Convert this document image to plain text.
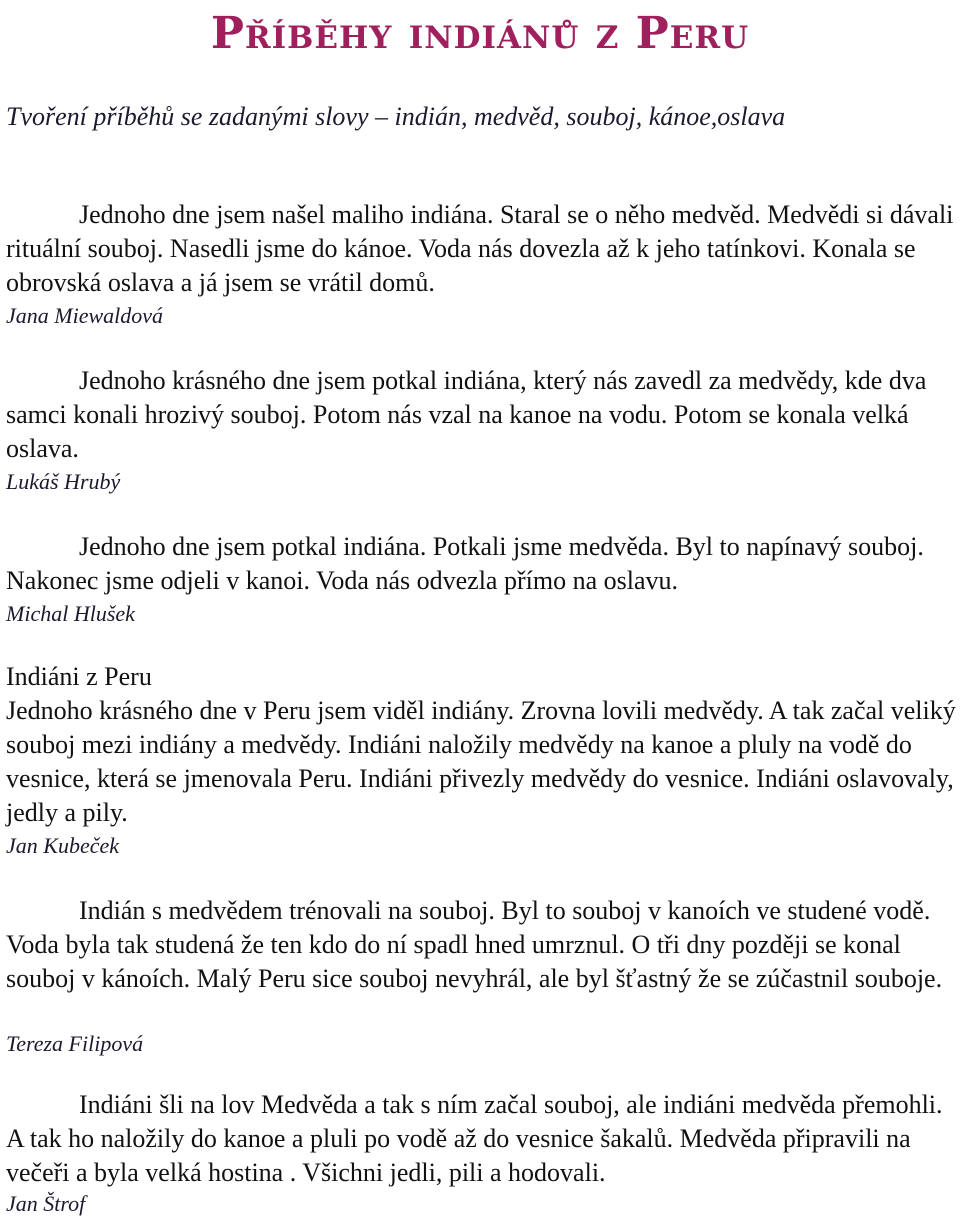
Příběhy indiánů z Peru

Tvoření příběhů se zadanými slovy – indián, medvěd, souboj, kánoe,oslava

Jednoho dne jsem našel maliho indiána. Staral se o něho medvěd. Medvědi si dávali rituální souboj. Nasedli jsme do kánoe. Voda nás dovezla až k jeho tatínkovi. Konala se obrovská oslava a já jsem se vrátil domů.

Jana Miewaldová

Jednoho krásného dne jsem potkal indiána, který nás zavedl za medvědy, kde dva samci konali hrozivý souboj. Potom nás vzal na kanoe na vodu. Potom se konala velká oslava.

Lukáš Hrubý

Jednoho dne jsem potkal indiána. Potkali jsme medvěda. Byl to napínavý souboj. Nakonec jsme odjeli v kanoi. Voda nás odvezla přímo na oslavu.

Michal Hlušek

Indiáni z Peru

Jednoho krásného dne v Peru jsem viděl indiány. Zrovna lovili medvědy. A tak začal veliký souboj mezi indiány a medvědy. Indiáni naložily medvědy na kanoe a pluly na vodě do vesnice, která se jmenovala Peru. Indiáni přivezly medvědy do vesnice. Indiáni oslavovaly, jedly a pily.

Jan Kubeček

Indián s medvědem trénovali na souboj. Byl to souboj v kanoích ve studené vodě. Voda byla tak studená že ten kdo do ní spadl hned umrznul. O tři dny později se konal souboj v kánoích. Malý Peru sice souboj nevyhrál, ale byl šťastný že se zúčastnil souboje.

Tereza Filipová

Indiáni šli na lov Medvěda a tak s ním začal souboj, ale indiáni medvěda přemohli. A tak ho naložily do kanoe a pluli po vodě až do vesnice šakalů. Medvěda připravili na večeři a byla velká hostina . Všichni jedli, pili a hodovali.

Jan Štrof
